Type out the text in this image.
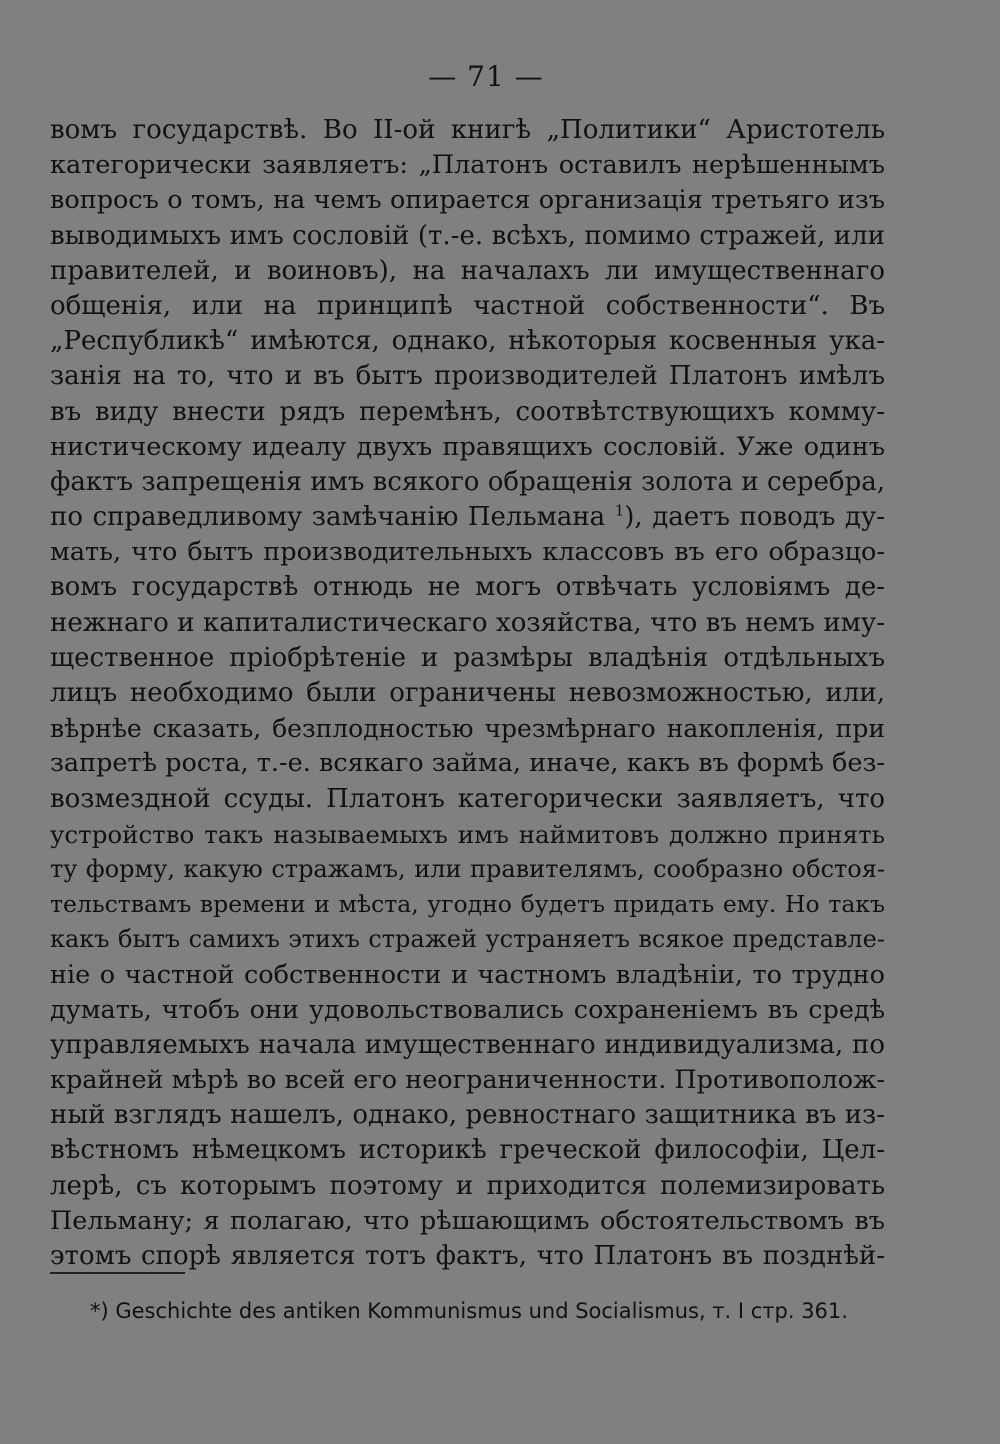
— 71 —
вомъ государствѣ. Во II-ой книгѣ „Политики“ Аристотель
категорически заявляетъ: „Платонъ оставилъ нерѣшеннымъ
вопросъ о томъ, на чемъ опирается организація третьяго изъ
выводимыхъ имъ сословій (т.-е. всѣхъ, помимо стражей, или
правителей, и воиновъ), на началахъ ли имущественнаго
общенія, или на принципѣ частной собственности“. Въ
„Республикѣ“ имѣются, однако, нѣкоторыя косвенныя ука-
занія на то, что и въ бытъ производителей Платонъ имѣлъ
въ виду внести рядъ перемѣнъ, соотвѣтствующихъ комму-
нистическому идеалу двухъ правящихъ сословій. Уже одинъ
фактъ запрещенія имъ всякого обращенія золота и серебра,
по справедливому замѣчанію Пельмана $^1$), даетъ поводъ ду-
мать, что бытъ производительныхъ классовъ въ его образцо-
вомъ государствѣ отнюдь не могъ отвѣчать условіямъ де-
нежнаго и капиталистическаго хозяйства, что въ немъ иму-
щественное пріобрѣтеніе и размѣры владѣнія отдѣльныхъ
лицъ необходимо были ограничены невозможностью, или,
вѣрнѣе сказать, безплодностью чрезмѣрнаго накопленія, при
запретѣ роста, т.-е. всякаго займа, иначе, какъ въ формѣ без-
возмездной ссуды. Платонъ категорически заявляетъ, что
устройство такъ называемыхъ имъ наймитовъ должно принять
ту форму, какую стражамъ, или правителямъ, сообразно обстоя-
тельствамъ времени и мѣста, угодно будетъ придать ему. Но такъ
какъ бытъ самихъ этихъ стражей устраняетъ всякое представле-
ніе о частной собственности и частномъ владѣніи, то трудно
думать, чтобъ они удовольствовались сохраненіемъ въ средѣ
управляемыхъ начала имущественнаго индивидуализма, по
крайней мѣрѣ во всей его неограниченности. Противополож-
ный взглядъ нашелъ, однако, ревностнаго защитника въ из-
вѣстномъ нѣмецкомъ историкѣ греческой философіи, Цел-
лерѣ, съ которымъ поэтому и приходится полемизировать
Пельману; я полагаю, что рѣшающимъ обстоятельствомъ въ
этомъ спорѣ является тотъ фактъ, что Платонъ въ позднѣй-
*) Geschichte des antiken Kommunismus und Socialismus, т. I стр. 361.
